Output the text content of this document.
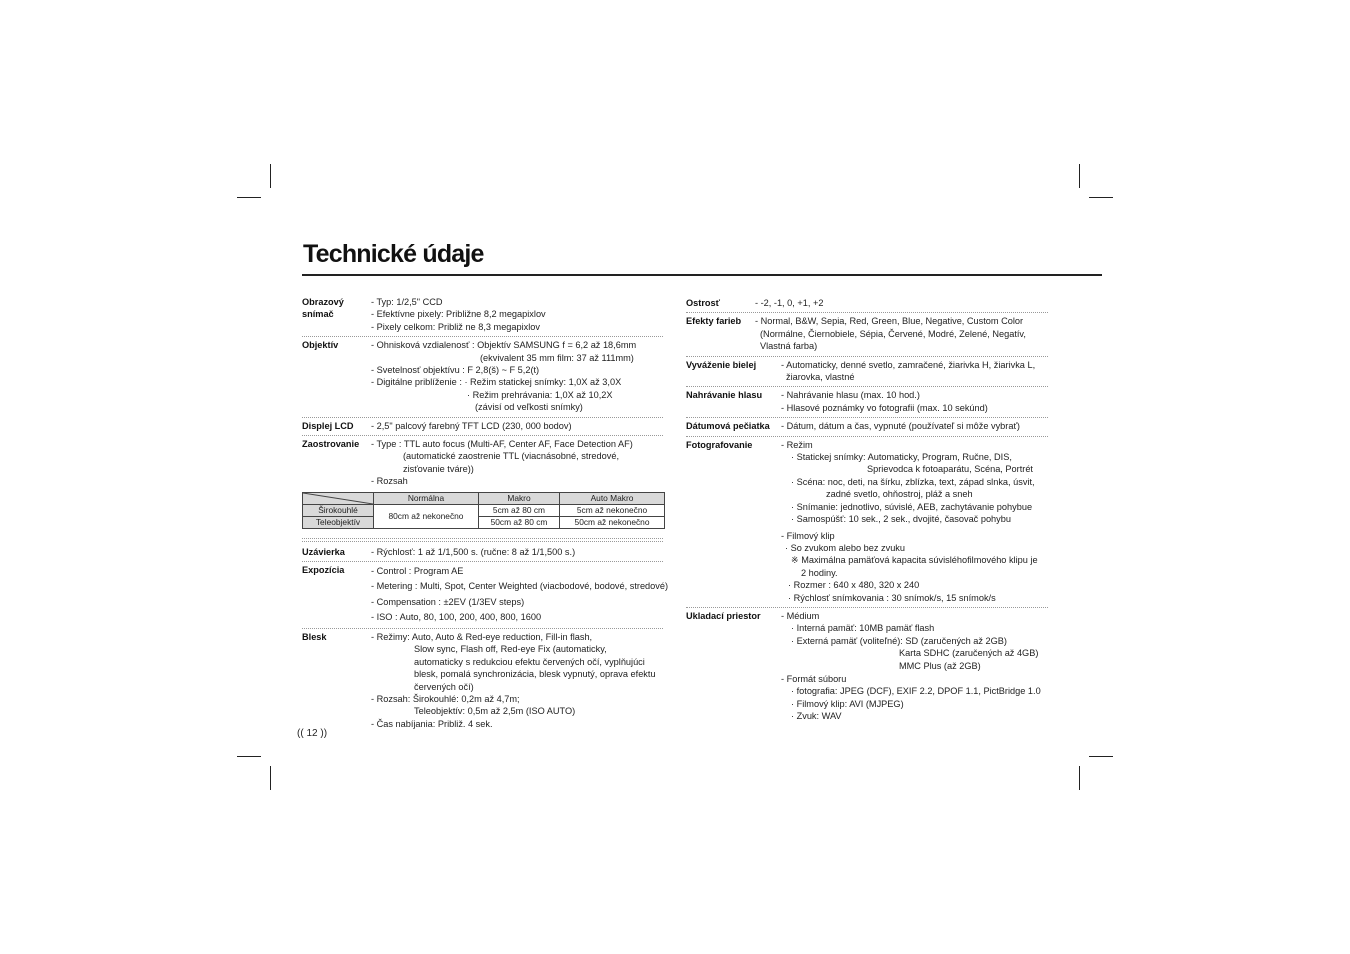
Technické údaje
Obrazový
snímač
- Typ: 1/2,5" CCD
- Efektívne pixely: Približne 8,2 megapixlov
- Pixely celkom: Približ ne 8,3 megapixlov
Objektív	- Ohnisková vzdialenosť : Objektív SAMSUNG f = 6,2 až 18,6mm
(ekvivalent 35 mm film: 37 až 111mm)
- Svetelnosť objektívu : F 2,8(š) ~ F 5,2(t)
- Digitálne priblíženie : · Režim statickej snímky: 1,0X až 3,0X
· Režim prehrávania: 1,0X až 10,2X
(závisí od veľkosti snímky)
Displej LCD - 2,5" palcový farebný TFT LCD (230, 000 bodov)
Zaostrovanie - Type : TTL auto focus (Multi-AF, Center AF, Face Detection AF)
(automatické zaostrenie TTL (viacnásobné, stredové,
zisťovanie tváre))
- Rozsah
	Normálna	Makro	Auto Makro
Širokouhlé	80cm až nekonečno	5cm až 80 cm	5cm až nekonečno
Teleobjektív		50cm až 80 cm	50cm až nekonečno
Uzávierka	- Rýchlosť: 1 až 1/1,500 s. (ručne: 8 až 1/1,500 s.)
Expozícia	- Control : Program AE
- Metering : Multi, Spot, Center Weighted (viacbodové, bodové, stredové)
- Compensation : ±2EV (1/3EV steps)
- ISO : Auto, 80, 100, 200, 400, 800, 1600
Blesk	- Režimy: Auto, Auto & Red-eye reduction, Fill-in flash,
Slow sync, Flash off, Red-eye Fix (automaticky,
automaticky s redukciou efektu červených očí, vyplňujúci
blesk, pomalá synchronizácia, blesk vypnutý, oprava efektu
červených očí)
- Rozsah: Širokouhlé: 0,2m až 4,7m;
Teleobjektív: 0,5m až 2,5m (ISO AUTO)
- Čas nabíjania: Približ. 4 sek.
Ostrosť	- -2, -1, 0, +1, +2
Efekty farieb - Normal, B&W, Sepia, Red, Green, Blue, Negative, Custom Color
(Normálne, Čiernobiele, Sépia, Červené, Modré, Zelené, Negatív,
Vlastná farba)
Vyváženie bielej	- Automaticky, denné svetlo, zamračené, žiarivka H, žiarivka L,
žiarovka, vlastné
Nahrávanie hlasu - Nahrávanie hlasu (max. 10 hod.)
- Hlasové poznámky vo fotografii (max. 10 sekúnd)
Dátumová pečiatka - Dátum, dátum a čas, vypnuté (používateľ si môže vybrať)
Fotografovanie	- Režim
· Statickej snímky: Automaticky, Program, Ručne, DIS,
Sprievodca k fotoaparátu, Scéna, Portrét
· Scéna: noc, deti, na šírku, zblízka, text, západ slnka, úsvit,
zadné svetlo, ohňostroj, pláž a sneh
· Snímanie: jednotlivo, súvislé, AEB, zachytávanie pohybue
· Samospúšť: 10 sek., 2 sek., dvojité, časovač pohybu
- Filmový klip
· So zvukom alebo bez zvuku
※ Maximálna pamäťová kapacita súvisléhofilmového klipu je
2 hodiny.
· Rozmer : 640 x 480, 320 x 240
· Rýchlosť snímkovania : 30 snímok/s, 15 snímok/s
Ukladací priestor - Médium
· Interná pamäť: 10MB pamäť flash
· Externá pamäť (voliteľné): SD (zaručených až 2GB)
Karta SDHC (zaručených až 4GB)
MMC Plus (až 2GB)
- Formát súboru
· fotografia: JPEG (DCF), EXIF 2.2, DPOF 1.1, PictBridge 1.0
· Filmový klip: AVI (MJPEG)
· Zvuk: WAV
(( 12 ))
